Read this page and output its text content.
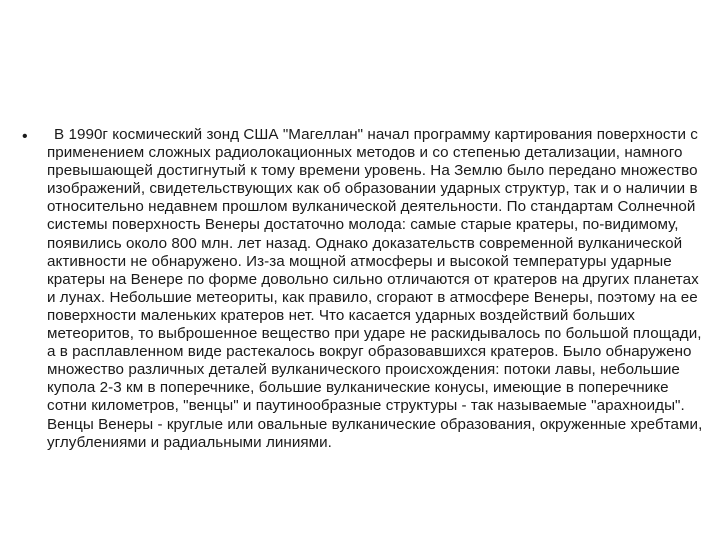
•	В 1990г космический зонд США "Магеллан" начал программу картирования поверхности с применением сложных радиолокационных методов и со степенью детализации, намного превышающей достигнутый к тому времени уровень. На Землю было передано множество изображений, свидетельствующих как об образовании ударных структур, так и о наличии в относительно недавнем прошлом вулканической деятельности. По стандартам Солнечной системы поверхность Венеры достаточно молода: самые старые кратеры, по-видимому, появились около 800 млн. лет назад. Однако доказательств современной вулканической активности не обнаружено. Из-за мощной атмосферы и высокой температуры ударные кратеры на Венере по форме довольно сильно отличаются от кратеров на других планетах и лунах. Небольшие метеориты, как правило, сгорают в атмосфере Венеры, поэтому на ее поверхности маленьких кратеров нет. Что касается ударных воздействий больших метеоритов, то выброшенное вещество при ударе не раскидывалось по большой площади, а в расплавленном виде растекалось вокруг образовавшихся кратеров. Было обнаружено множество различных деталей вулканического происхождения: потоки лавы, небольшие купола 2-3 км в поперечнике, большие вулканические конусы, имеющие в поперечнике сотни километров, "венцы" и паутинообразные структуры - так называемые "арахноиды". Венцы Венеры - круглые или овальные вулканические образования, окруженные хребтами, углублениями и радиальными линиями.
